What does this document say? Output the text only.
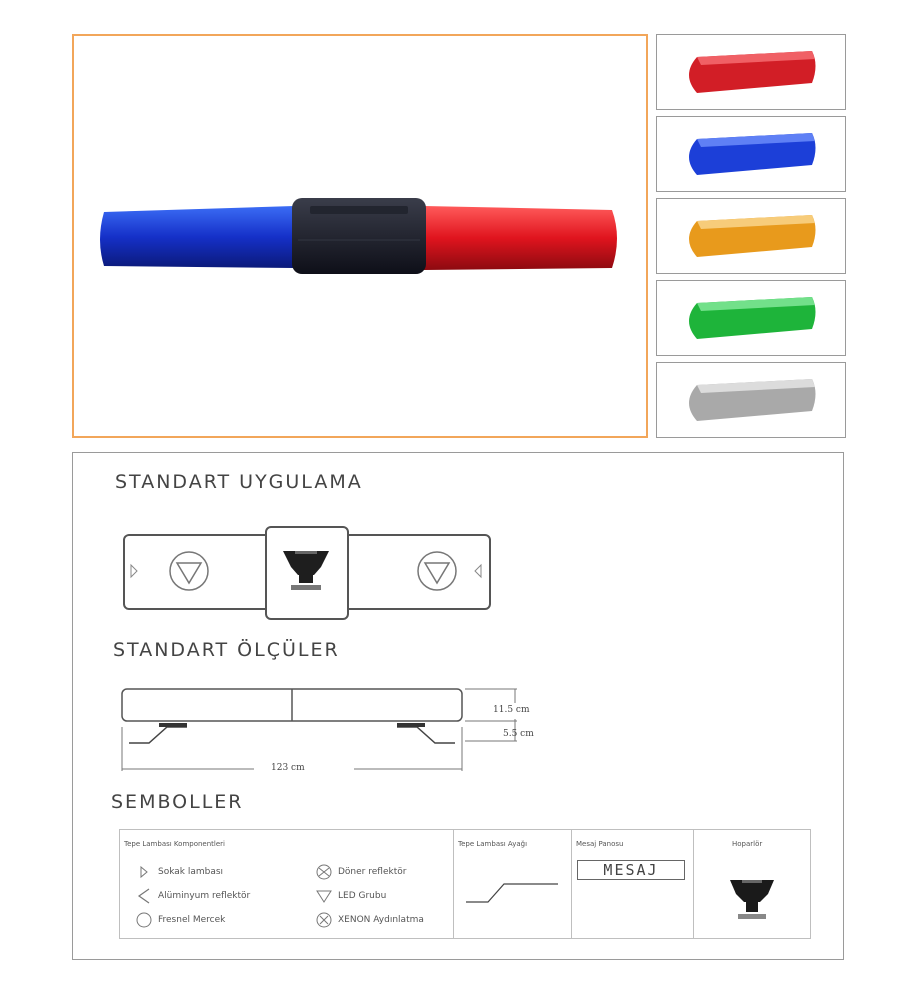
STANDART UYGULAMA
STANDART ÖLÇÜLER
11.5 cm
5.5 cm
123 cm
SEMBOLLER
Tepe Lambası Komponentleri
Sokak lambası
Alüminyum reflektör
Fresnel Mercek
Döner reflektör
LED Grubu
XENON Aydınlatma
Tepe Lambası Ayağı	Mesaj Panosu
MESAJ
Hoparlör
